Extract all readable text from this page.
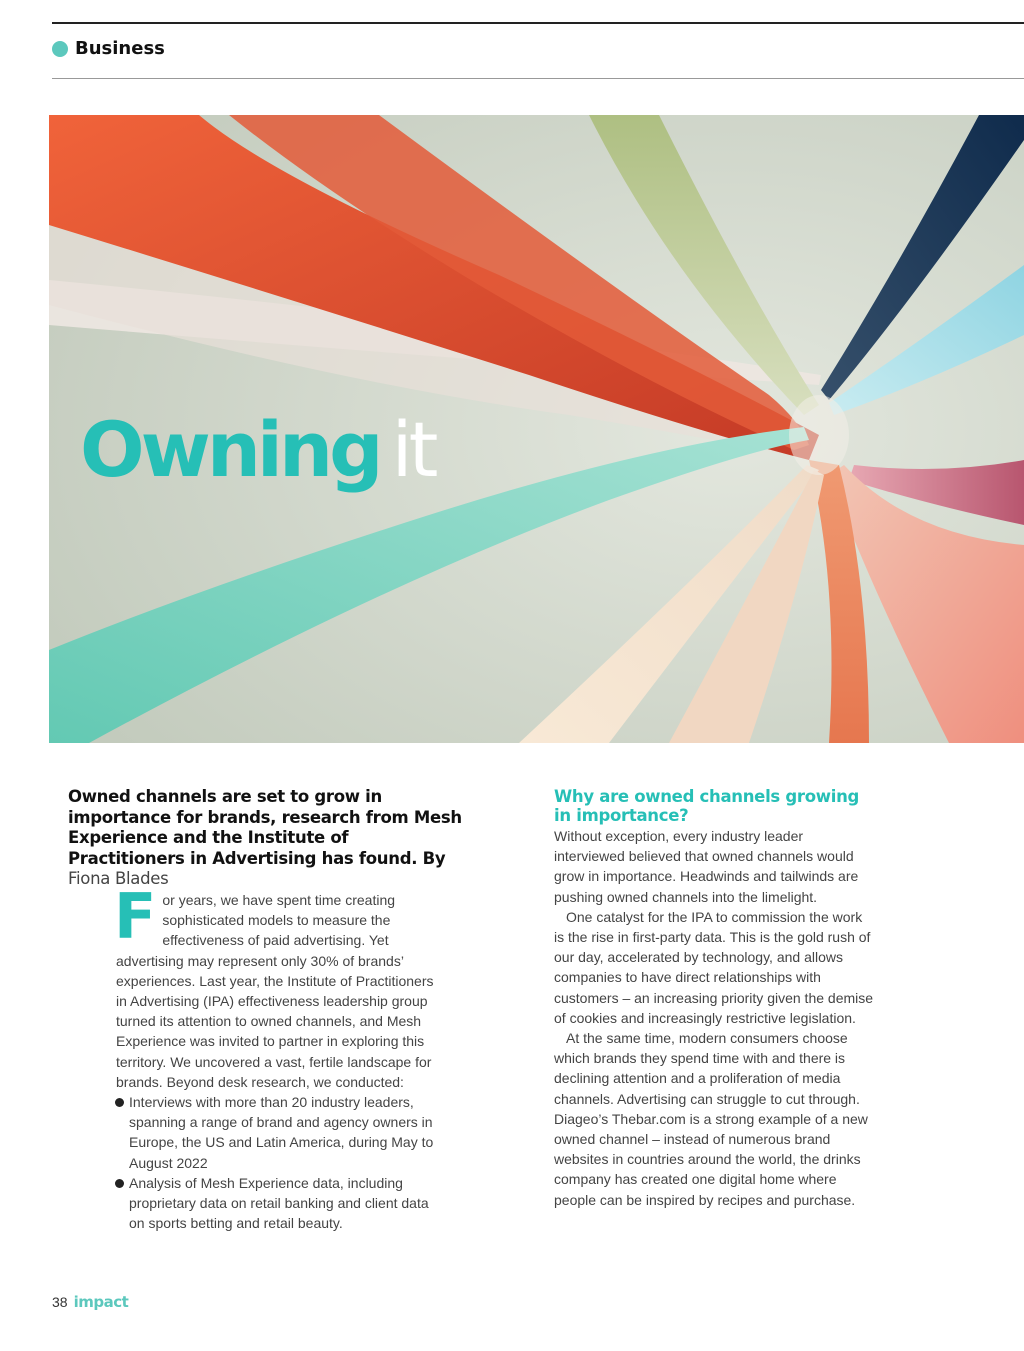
Business
Owning it

Owned channels are set to grow in importance for brands, research from Mesh Experience and the Institute of Practitioners in Advertising has found. By Fiona Blades

F or years, we have spent time creating sophisticated models to measure the effectiveness of paid advertising. Yet advertising may represent only 30% of brands’ experiences. Last year, the Institute of Practitioners in Advertising (IPA) effectiveness leadership group turned its attention to owned channels, and Mesh Experience was invited to partner in exploring this territory. We uncovered a vast, fertile landscape for brands. Beyond desk research, we conducted:

Interviews with more than 20 industry leaders, spanning a range of brand and agency owners in Europe, the US and Latin America, during May to August 2022
Analysis of Mesh Experience data, including proprietary data on retail banking and client data on sports betting and retail beauty.
Why are owned channels growing in importance?

Without exception, every industry leader interviewed believed that owned channels would grow in importance. Headwinds and tailwinds are pushing owned channels into the limelight.

One catalyst for the IPA to commission the work is the rise in first-party data. This is the gold rush of our day, accelerated by technology, and allows companies to have direct relationships with customers – an increasing priority given the demise of cookies and increasingly restrictive legislation.

At the same time, modern consumers choose which brands they spend time with and there is declining attention and a proliferation of media channels. Advertising can struggle to cut through. Diageo’s Thebar.com is a strong example of a new owned channel – instead of numerous brand websites in countries around the world, the drinks company has created one digital home where people can be inspired by recipes and purchase.

38 impact
